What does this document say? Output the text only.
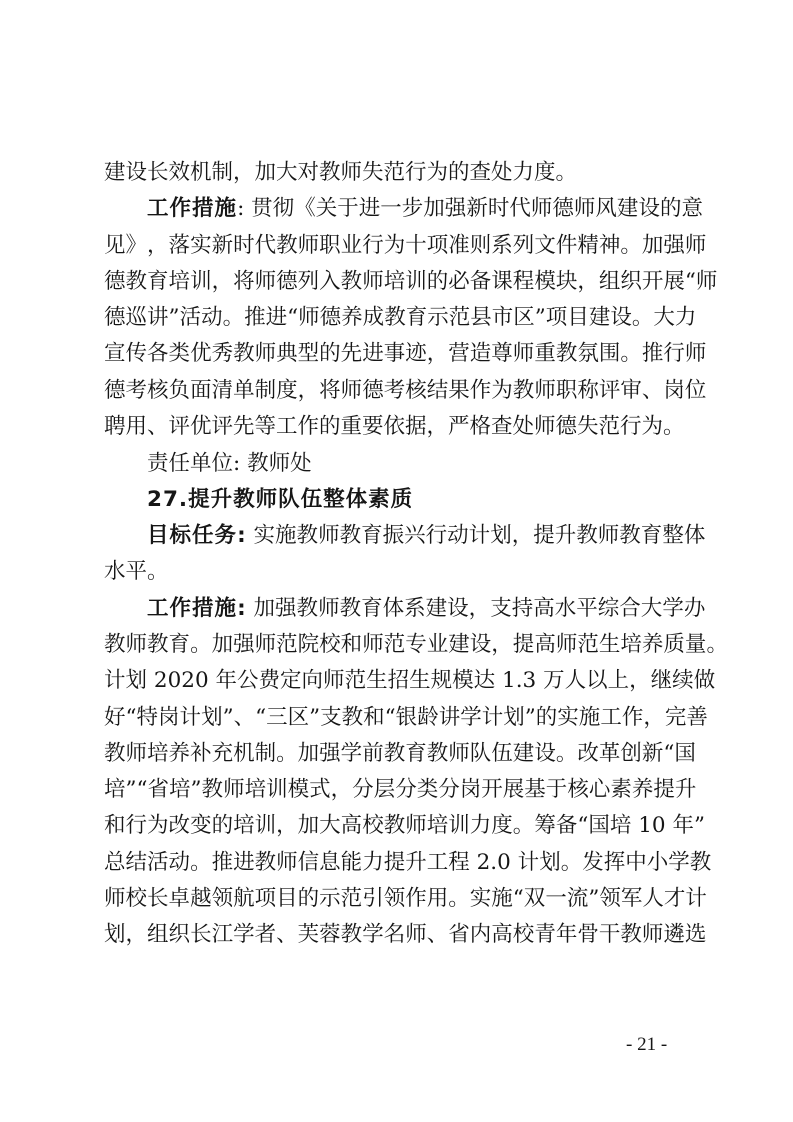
建设长效机制，加大对教师失范行为的查处力度。
工 作 措 施 :
贯 彻 《 关 于 进 一 步 加 强 新 时 代 师 德 师 风 建 设 的 意
见 》 ， 落 实 新 时 代 教 师 职 业 行 为 十 项 准 则 系 列 文 件 精 神 。 加 强 师
德 教 育 培 训 ， 将 师 德 列 入 教 师 培 训 的 必 备 课 程 模 块 ， 组 织 开 展 “ 师
德 巡 讲 ” 活 动 。 推 进 “ 师 德 养 成 教 育 示 范 县 市 区 ” 项 目 建 设 。 大 力
宣 传 各 类 优 秀 教 师 典 型 的 先 进 事 迹 ， 营 造 尊 师 重 教 氛 围 。 推 行 师
德 考 核 负 面 清 单 制 度 ， 将 师 德 考 核 结 果 作 为 教 师 职 称 评 审 、 岗 位
聘用、评优评先等工作的重要依据，严格查处师德失范行为。
责任单位: 教师处
27.提升教师队伍整体素质
目 标 任 务 :
实 施 教 师 教 育 振 兴 行 动 计 划 ， 提 升 教 师 教 育 整 体
水平。
工 作 措 施 :
加 强 教 师 教 育 体 系 建 设 ， 支 持 高 水 平 综 合 大 学 办
教 师 教 育 。 加 强 师 范 院 校 和 师 范 专 业 建 设 ， 提 高 师 范 生 培 养 质 量 。
计 划
2 0 2 0
年 公 费 定 向 师 范 生 招 生 规 模 达
1 . 3
万 人 以 上 ， 继 续 做
好 “ 特 岗 计 划 ” 、 “ 三 区 ” 支 教 和 “ 银 龄 讲 学 计 划 ” 的 实 施 工 作 ， 完 善
教 师 培 养 补 充 机 制 。 加 强 学 前 教 育 教 师 队 伍 建 设 。 改 革 创 新 “ 国
培 ” “ 省 培 ” 教 师 培 训 模 式 ， 分 层 分 类 分 岗 开 展 基 于 核 心 素 养 提 升
和 行 为 改 变 的 培 训 ， 加 大 高 校 教 师 培 训 力 度 。 筹 备 “ 国 培
1 0
年 ”
总 结 活 动 。 推 进 教 师 信 息 能 力 提 升 工 程
2 . 0
计 划 。 发 挥 中 小 学 教
师 校 长 卓 越 领 航 项 目 的 示 范 引 领 作 用 。 实 施 “ 双 一 流 ” 领 军 人 才 计
划 ， 组 织 长 江 学 者 、 芙 蓉 教 学 名 师 、 省 内 高 校 青 年 骨 干 教 师 遴 选
- 21 -
